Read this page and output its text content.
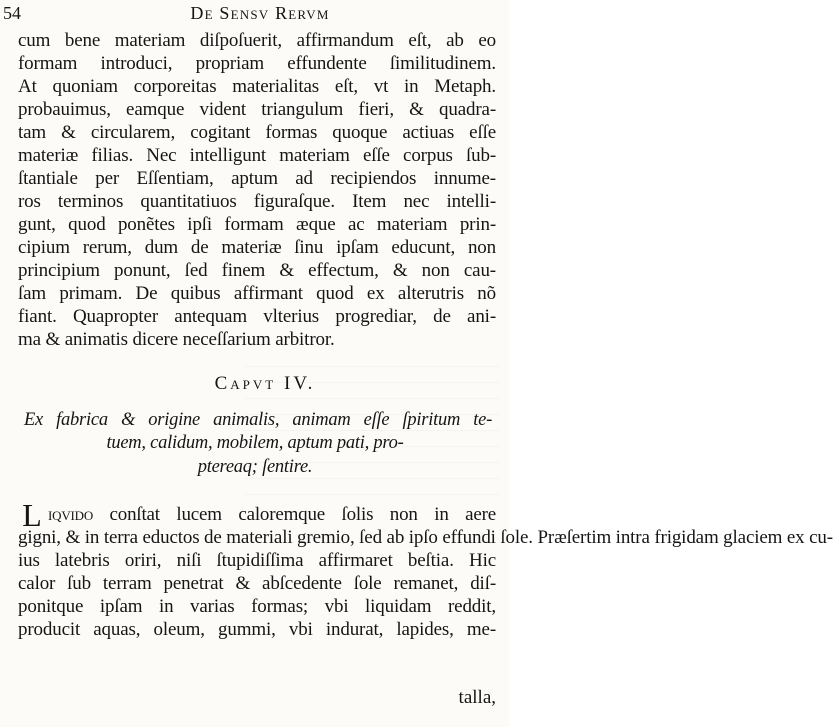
54	De Sensv Rervm
cum bene materiam diſpoſuerit, affirmandum eſt, ab eo
formam introduci, propriam effundente ſimilitudinem.
At quoniam corporeitas materialitas eſt, vt in Metaph.
probauimus, eamque vident triangulum fieri, & quadra-
tam & circularem, cogitant formas quoque actiuas eſſe
materiæ filias. Nec intelligunt materiam eſſe corpus ſub-
ſtantiale per Eſſentiam, aptum ad recipiendos innume-
ros terminos quantitatiuos figuraſque. Item nec intelli-
gunt, quod ponẽtes ipſi formam æque ac materiam prin-
cipium rerum, dum de materiæ ſinu ipſam educunt, non
principium ponunt, ſed finem & effectum, & non cau-
ſam primam. De quibus affirmant quod ex alterutris nõ
fiant. Quapropter antequam vlterius progrediar, de ani-
ma & animatis dicere neceſſarium arbitror.
Capvt IV.
Ex fabrica & origine animalis, animam eſſe ſpiritum te-
tuem, calidum, mobilem, aptum pati, pro-
ptereaq; ſentire.
L iqvido conſtat lucem caloremque ſolis non in aere
gigni, & in terra eductos de materiali gremio, ſed ab ipſo effundi ſole. Præſertim intra frigidam glaciem ex cu-
ius latebris oriri, niſi ſtupidiſſima affirmaret beſtia. Hic
calor ſub terram penetrat & abſcedente ſole remanet, diſ-
ponitque ipſam in varias formas; vbi liquidam reddit,
producit aquas, oleum, gummi, vbi indurat, lapides, me-
talla,
